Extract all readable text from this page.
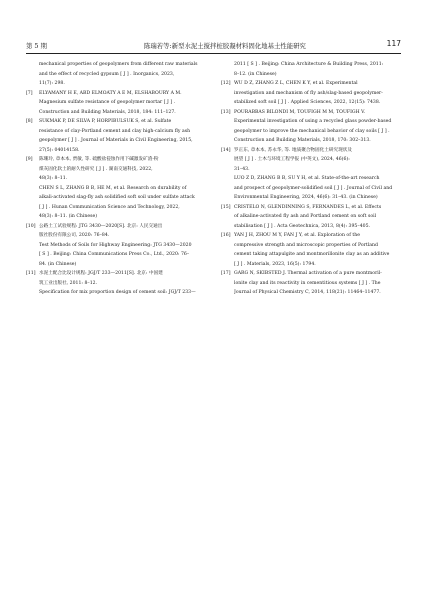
第 5 期	陈瑞若等:新型水泥土搅拌桩胶凝材料固化地基土性能研究	117
mechanical properties of geopolymers from different raw materials
and the effect of recycled gypsum [ J ] . Inorganics, 2023,
11(7): 298.
[7]	ELYAMANY H E, ABD ELMOATY A E M, ELSHABOURY A M.
Magnesium sulfate resistance of geopolymer mortar [ J ] .
Construction and Building Materials, 2018, 184: 111–127.
[8]	SUKMAK P, DE SILVA P, HORPIBULSUK S, et al. Sulfate
resistance of clay-Portland cement and clay high-calcium fly ash
geopolymer [ J ] . Journal of Materials in Civil Engineering, 2015,
27(5): 04014158.
[9]	陈珊玲, 章本本, 贾敏, 等. 硫酸盐侵蚀作用下碱激发矿渣-粉
煤灰固化软土的耐久性研究 [ J ] . 湖南交通科技, 2022,
48(3): 8–11.
CHEN S L, ZHANG B B, HE M, et al. Research on durability of
alkali-activated slag-fly ash solidified soft soil under sulfate attack
[ J ] . Hunan Communication Science and Technology, 2022,
48(3): 8–11. (in Chinese)
[10] 公路土工试验规程: JTG 3430—2020[S]. 北京: 人民交通出
版社股份有限公司, 2020: 76–84.
Test Methods of Soils for Highway Engineering: JTG 3430—2020
[ S ] . Beijing: China Communications Press Co., Ltd., 2020: 76–
84. (in Chinese)
[11] 水泥土配合比设计规程: JGJ/T 233—2011[S]. 北京: 中国建
筑工业出版社, 2011: 8–12.
Specification for mix proportion design of cement soil: JGJ/T 233—
2011 [ S ] . Beijing: China Architecture & Building Press, 2011:
8–12. (in Chinese)
[12] WU D Z, ZHANG Z L, CHEN K Y, et al. Experimental
investigation and mechanism of fly ash/slag-based geopolymer-
stabilized soft soil [ J ] . Applied Sciences, 2022, 12(15): 7438.
[13] POURABBAS BILONDI M, TOUFIGH M M, TOUFIGH V.
Experimental investigation of using a recycled glass powder-based
geopolymer to improve the mechanical behavior of clay soils [ J ] .
Construction and Building Materials, 2018, 170: 302–313.
[14] 罗正东, 章本本, 苏永华, 等. 地质聚合物固化土研究现状及
展望 [ J ] . 土木与环境工程学报 (中英文), 2024, 46(6):
31–43.
LUO Z D, ZHANG B B, SU Y H, et al. State-of-the-art research
and prospect of geopolymer-solidified soil [ J ] . Journal of Civil and
Environmental Engineering, 2024, 46(6): 31–43. (in Chinese)
[15] CRISTELO N, GLENDINNING S, FERNANDES L, et al. Effects
of alkaline-activated fly ash and Portland cement on soft soil
stabilisation [ J ] . Acta Geotechnica, 2013, 8(4): 395–405.
[16] YAN J H, ZHOU M Y, FAN J Y, et al. Exploration of the
compressive strength and microscopic properties of Portland
cement taking attapulgite and montmorillonite clay as an additive
[ J ] . Materials, 2023, 16(5): 1794.
[17] GARG N, SKIBSTED J. Thermal activation of a pure montmoril-
lonite clay and its reactivity in cementitious systems [ J ] . The
Journal of Physical Chemistry C, 2014, 118(21): 11464–11477.
